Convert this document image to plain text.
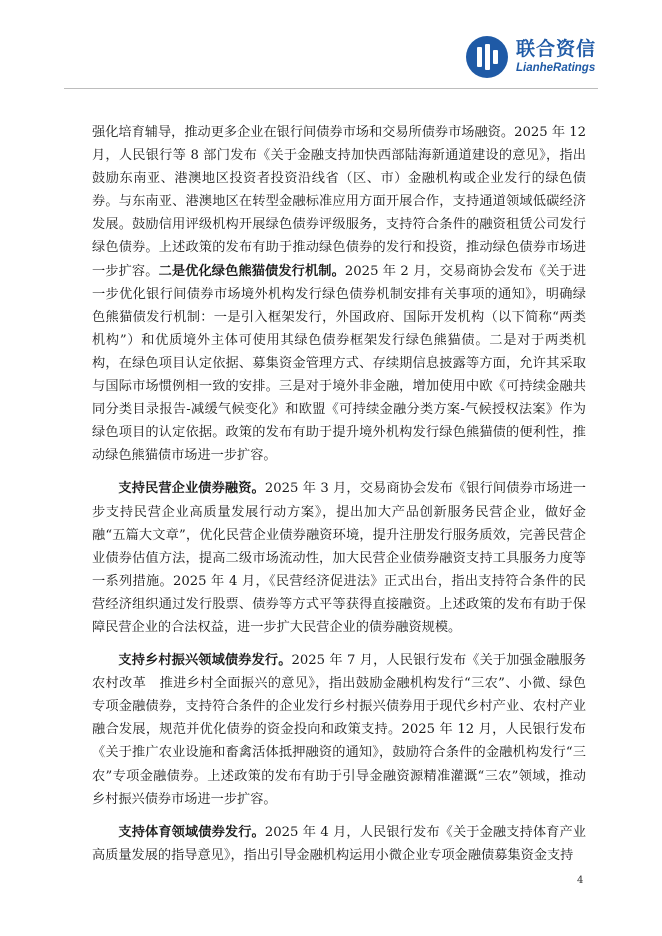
联合资信
LianheRatings

强化培育辅导，推动更多企业在银行间债券市场和交易所债券市场融资。2025 年 12 月，人民银行等 8 部门发布《关于金融支持加快西部陆海新通道建设的意见》，指出鼓励东南亚、港澳地区投资者投资沿线省（区、市）金融机构或企业发行的绿色债券。与东南亚、港澳地区在转型金融标准应用方面开展合作，支持通道领域低碳经济发展。鼓励信用评级机构开展绿色债券评级服务，支持符合条件的融资租赁公司发行绿色债券。上述政策的发布有助于推动绿色债券的发行和投资，推动绿色债券市场进一步扩容。二是优化绿色熊猫债发行机制。2025 年 2 月，交易商协会发布《关于进一步优化银行间债券市场境外机构发行绿色债券机制安排有关事项的通知》，明确绿色熊猫债发行机制：一是引入框架发行，外国政府、国际开发机构（以下简称“两类机构”）和优质境外主体可使用其绿色债券框架发行绿色熊猫债。二是对于两类机构，在绿色项目认定依据、募集资金管理方式、存续期信息披露等方面，允许其采取与国际市场惯例相一致的安排。三是对于境外非金融，增加使用中欧《可持续金融共同分类目录报告-减缓气候变化》和欧盟《可持续金融分类方案-气候授权法案》作为绿色项目的认定依据。政策的发布有助于提升境外机构发行绿色熊猫债的便利性，推动绿色熊猫债市场进一步扩容。

支持民营企业债券融资。2025 年 3 月，交易商协会发布《银行间债券市场进一步支持民营企业高质量发展行动方案》，提出加大产品创新服务民营企业，做好金融“五篇大文章”，优化民营企业债券融资环境，提升注册发行服务质效，完善民营企业债券估值方法，提高二级市场流动性，加大民营企业债券融资支持工具服务力度等一系列措施。2025 年 4 月，《民营经济促进法》正式出台，指出支持符合条件的民营经济组织通过发行股票、债券等方式平等获得直接融资。上述政策的发布有助于保障民营企业的合法权益，进一步扩大民营企业的债券融资规模。

支持乡村振兴领域债券发行。2025 年 7 月，人民银行发布《关于加强金融服务农村改革　推进乡村全面振兴的意见》，指出鼓励金融机构发行“三农”、小微、绿色专项金融债券，支持符合条件的企业发行乡村振兴债券用于现代乡村产业、农村产业融合发展，规范并优化债券的资金投向和政策支持。2025 年 12 月，人民银行发布《关于推广农业设施和畜禽活体抵押融资的通知》，鼓励符合条件的金融机构发行“三农”专项金融债券。上述政策的发布有助于引导金融资源精准灌溉“三农”领域，推动乡村振兴债券市场进一步扩容。

支持体育领域债券发行。2025 年 4 月，人民银行发布《关于金融支持体育产业高质量发展的指导意见》，指出引导金融机构运用小微企业专项金融债募集资金支持

4
